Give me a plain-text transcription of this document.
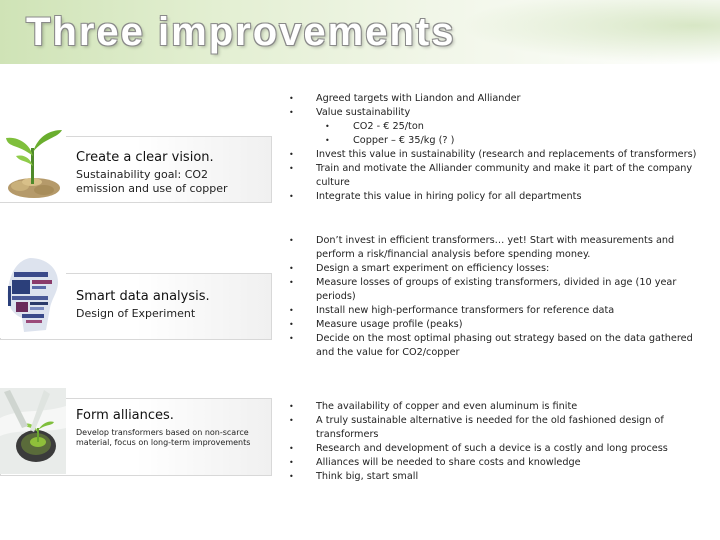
Three improvements
Create a clear vision.

Sustainability goal: CO2 emission and use of copper

• Agreed targets with Liandon and Alliander
• Value sustainability
• CO2 - € 25/ton
• Copper – € 35/kg (? )
• Invest this value in sustainability (research and replacements of transformers)
• Train and motivate the Alliander community and make it part of the company culture
• Integrate this value in hiring policy for all departments
Smart data analysis.

Design of Experiment

• Don’t invest in efficient transformers… yet! Start with measurements and perform a risk/financial analysis before spending money.
• Design a smart experiment on efficiency losses:
• Measure losses of groups of existing transformers, divided in age (10 year periods)
• Install new high-performance transformers for reference data
• Measure usage profile (peaks)
• Decide on the most optimal phasing out strategy based on the data gathered and the value for CO2/copper
Form alliances.

Develop transformers based on non-scarce material, focus on long-term improvements

• The availability of copper and even aluminum is finite
• A truly sustainable alternative is needed for the old fashioned design of transformers
• Research and development of such a device is a costly and long process
• Alliances will be needed to share costs and knowledge
• Think big, start small
